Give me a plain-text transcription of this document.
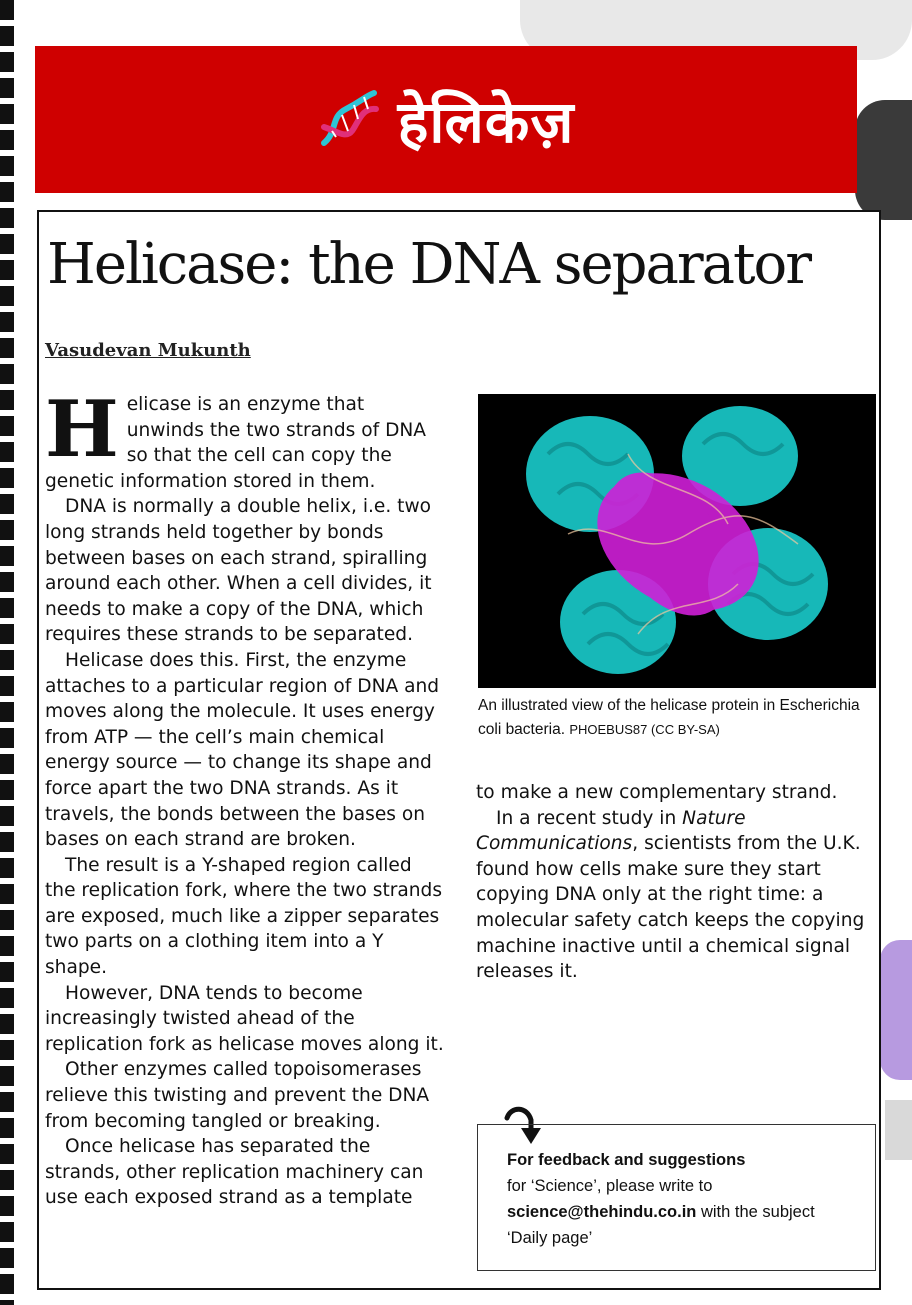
हेलिकेज़
Helicase: the DNA separator
Vasudevan Mukunth

Helicase is an enzyme that unwinds the two strands of DNA so that the cell can copy the genetic information stored in them.

DNA is normally a double helix, i.e. two long strands held together by bonds between bases on each strand, spiralling around each other. When a cell divides, it needs to make a copy of the DNA, which requires these strands to be separated.

Helicase does this. First, the enzyme attaches to a particular region of DNA and moves along the molecule. It uses energy from ATP — the cell’s main chemical energy source — to change its shape and force apart the two DNA strands. As it travels, the bonds between the bases on bases on each strand are broken.

The result is a Y-shaped region called the replication fork, where the two strands are exposed, much like a zipper separates two parts on a clothing item into a Y shape.

However, DNA tends to become increasingly twisted ahead of the replication fork as helicase moves along it.

Other enzymes called topoisomerases relieve this twisting and prevent the DNA from becoming tangled or breaking.

Once helicase has separated the strands, other replication machinery can use each exposed strand as a template

An illustrated view of the helicase protein in Escherichia coli bacteria. PHOEBUS87 (CC BY-SA)

to make a new complementary strand.

In a recent study in Nature Communications, scientists from the U.K. found how cells make sure they start copying DNA only at the right time: a molecular safety catch keeps the copying machine inactive until a chemical signal releases it.

For feedback and suggestions
for ‘Science’, please write to
science@thehindu.co.in with the subject ‘Daily page’
